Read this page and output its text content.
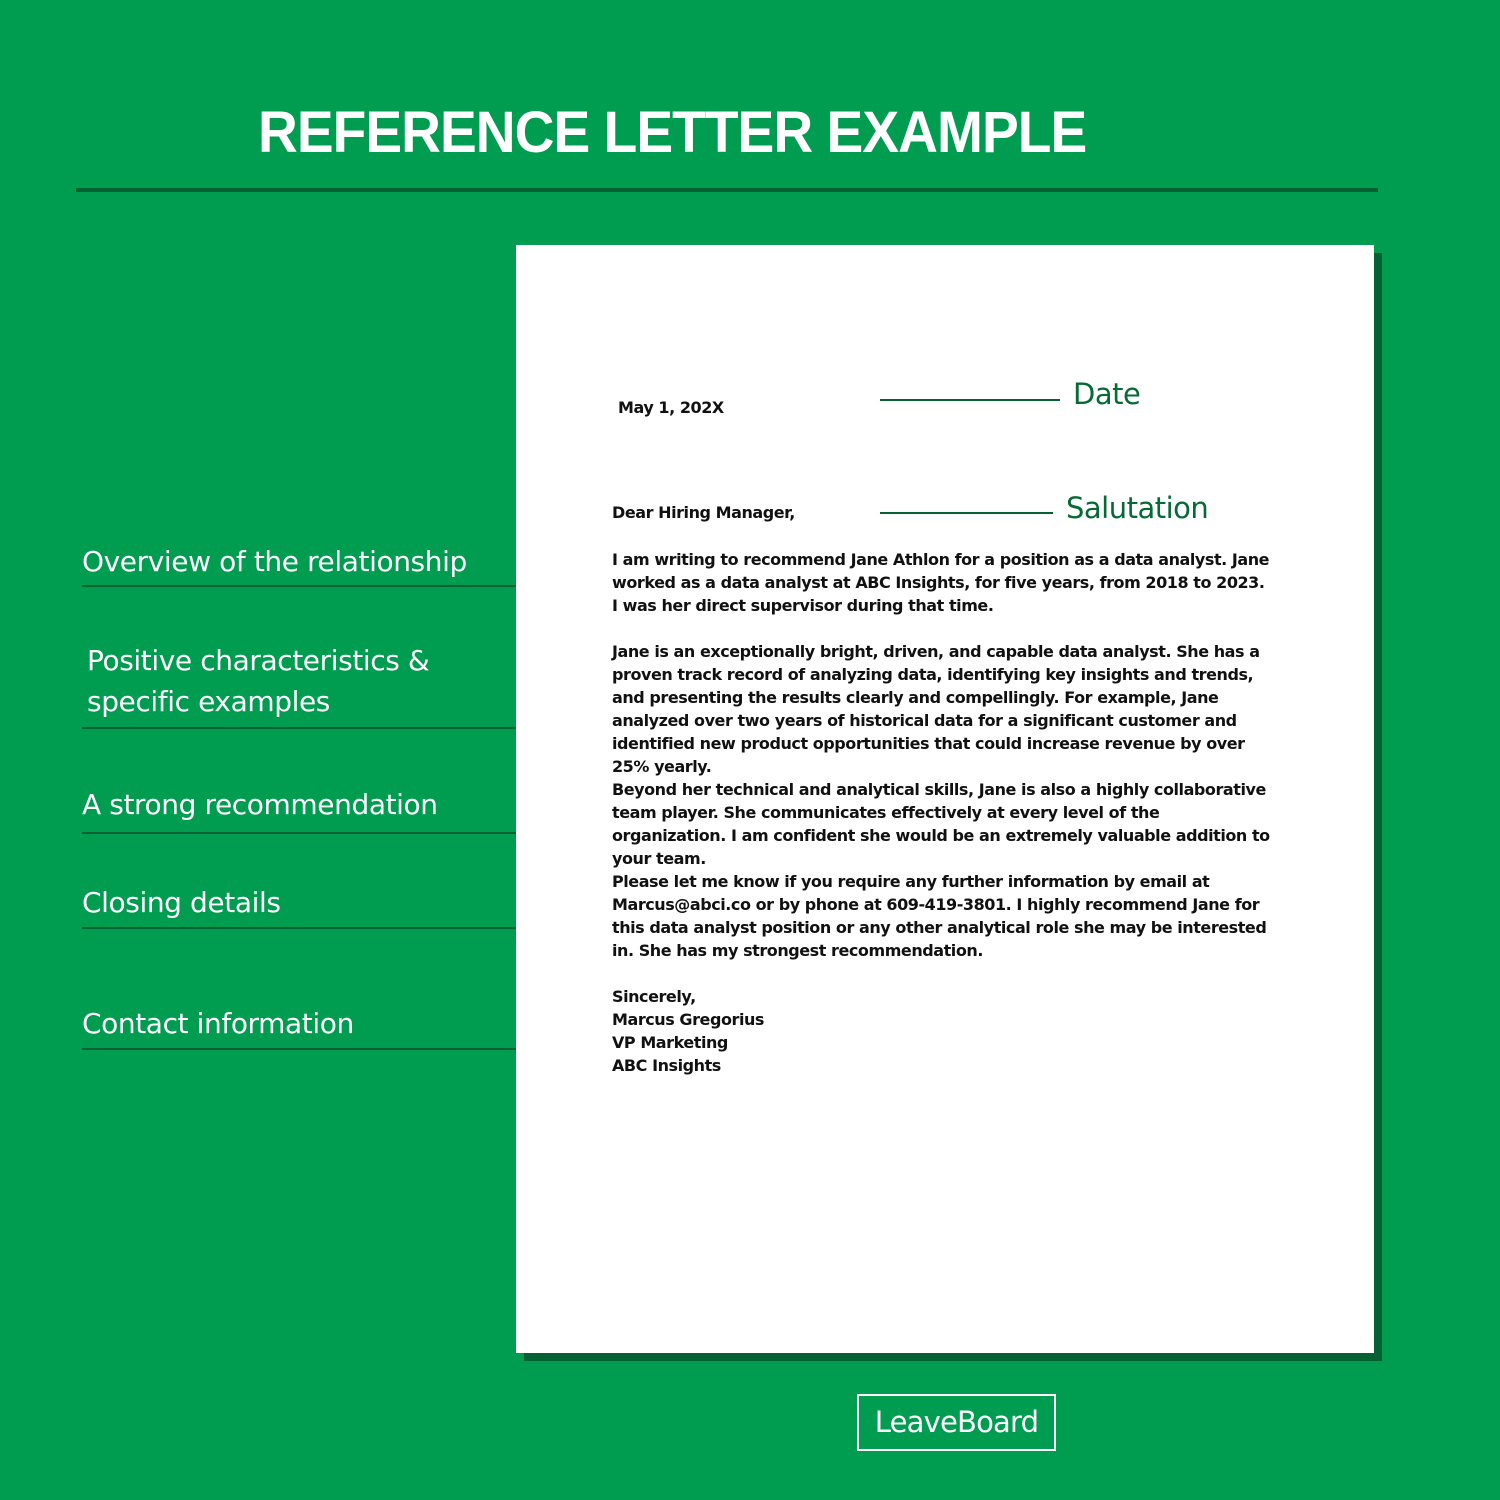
REFERENCE LETTER EXAMPLE
May 1, 202X	Date
Dear Hiring Manager,	Salutation
I am writing to recommend Jane Athlon for a position as a data analyst. Jane worked as a data analyst at ABC Insights, for five years, from 2018 to 2023. I was her direct supervisor during that time.
Jane is an exceptionally bright, driven, and capable data analyst. She has a proven track record of analyzing data, identifying key insights and trends, and presenting the results clearly and compellingly. For example, Jane analyzed over two years of historical data for a significant customer and identified new product opportunities that could increase revenue by over 25% yearly.
Beyond her technical and analytical skills, Jane is also a highly collaborative team player. She communicates effectively at every level of the organization. I am confident she would be an extremely valuable addition to your team.
Please let me know if you require any further information by email at Marcus@abci.co or by phone at 609-419-3801. I highly recommend Jane for this data analyst position or any other analytical role she may be interested in. She has my strongest recommendation.
Sincerely,
Marcus Gregorius
VP Marketing
ABC Insights
Overview of the relationship
Positive characteristics & specific examples
A strong recommendation
Closing details
Contact information
LeaveBoard
